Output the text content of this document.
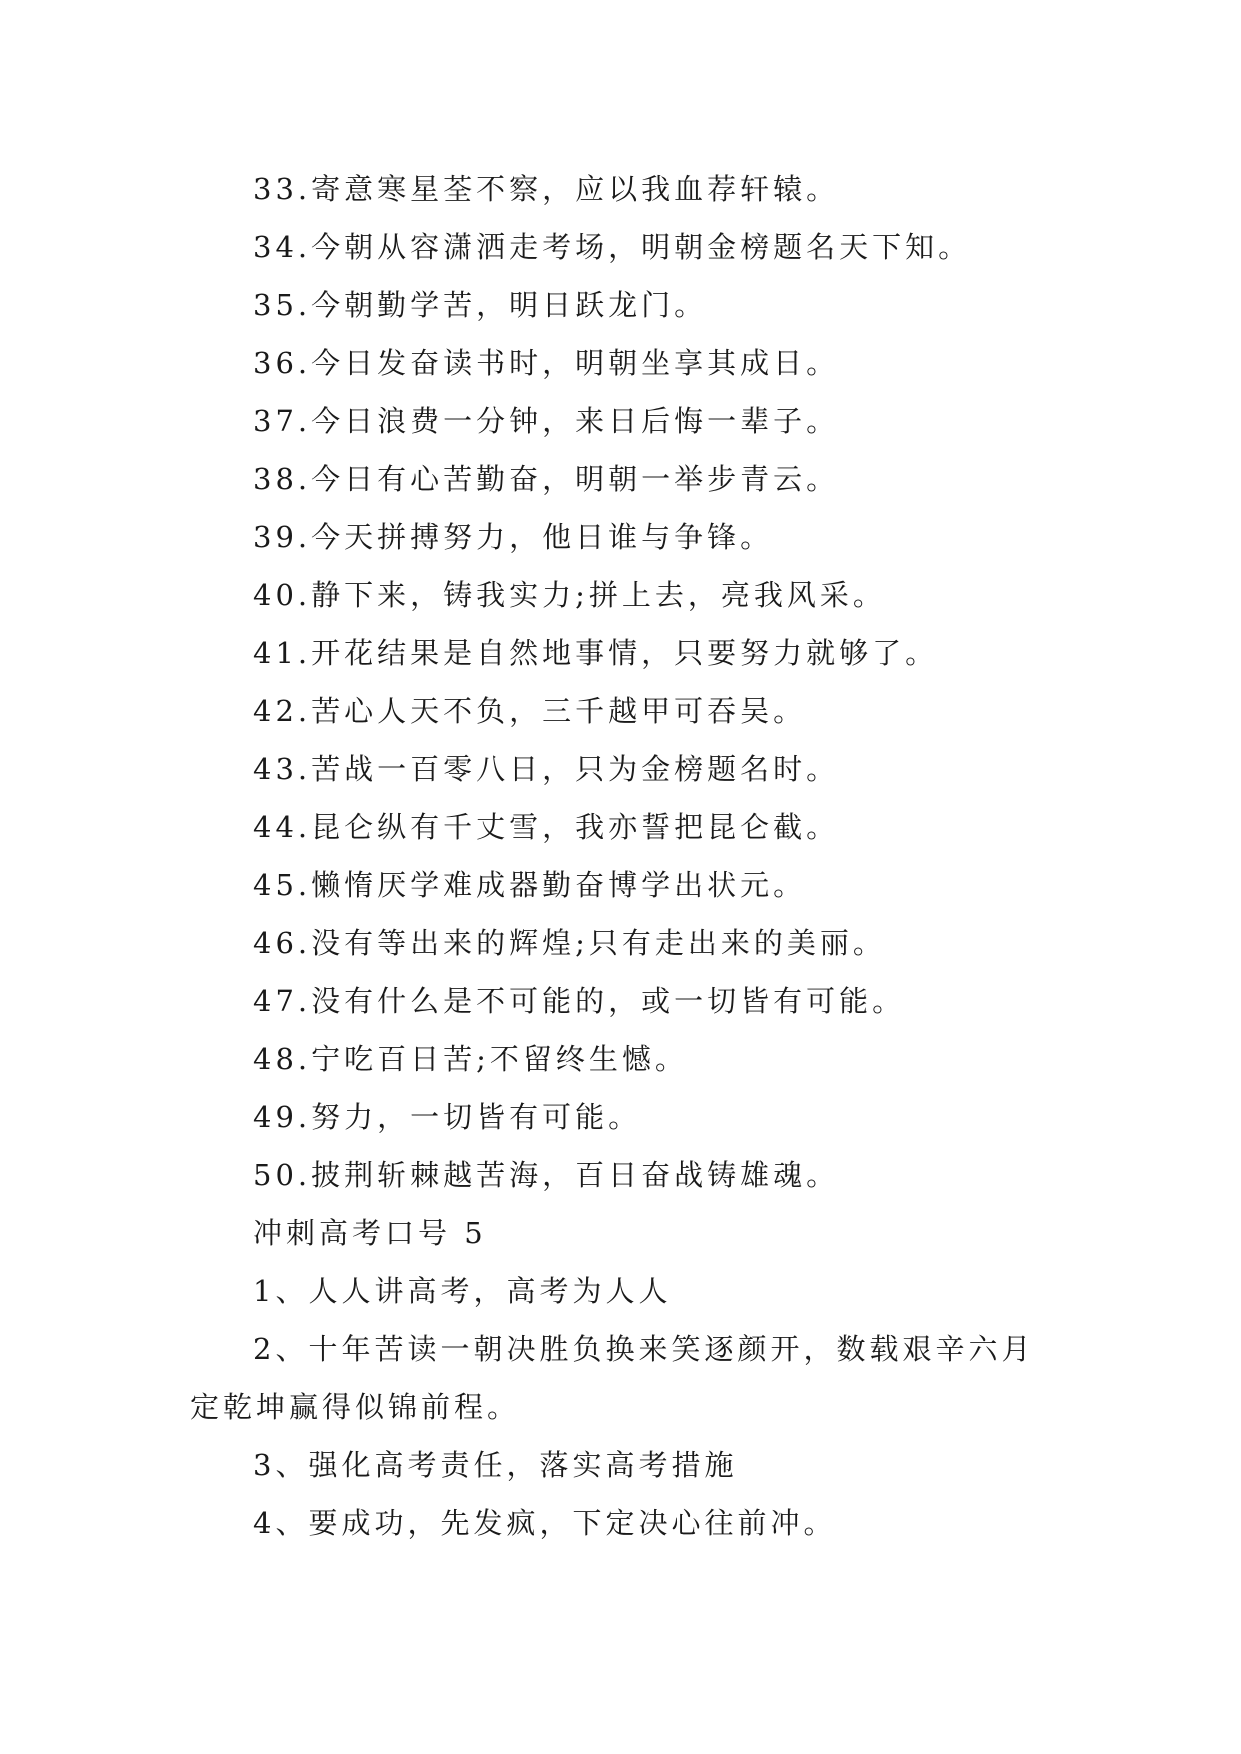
33.寄意寒星荃不察，应以我血荐轩辕。

34.今朝从容潇洒走考场，明朝金榜题名天下知。

35.今朝勤学苦，明日跃龙门。

36.今日发奋读书时，明朝坐享其成日。

37.今日浪费一分钟，来日后悔一辈子。

38.今日有心苦勤奋，明朝一举步青云。

39.今天拼搏努力，他日谁与争锋。

40.静下来，铸我实力;拼上去，亮我风采。

41.开花结果是自然地事情，只要努力就够了。

42.苦心人天不负，三千越甲可吞吴。

43.苦战一百零八日，只为金榜题名时。

44.昆仑纵有千丈雪，我亦誓把昆仑截。

45.懒惰厌学难成器勤奋博学出状元。

46.没有等出来的辉煌;只有走出来的美丽。

47.没有什么是不可能的，或一切皆有可能。

48.宁吃百日苦;不留终生憾。

49.努力，一切皆有可能。

50.披荆斩棘越苦海，百日奋战铸雄魂。

冲刺高考口号 5

1、人人讲高考，高考为人人

2、十年苦读一朝决胜负换来笑逐颜开，数载艰辛六月定乾坤赢得似锦前程。

3、强化高考责任，落实高考措施

4、要成功，先发疯，下定决心往前冲。
